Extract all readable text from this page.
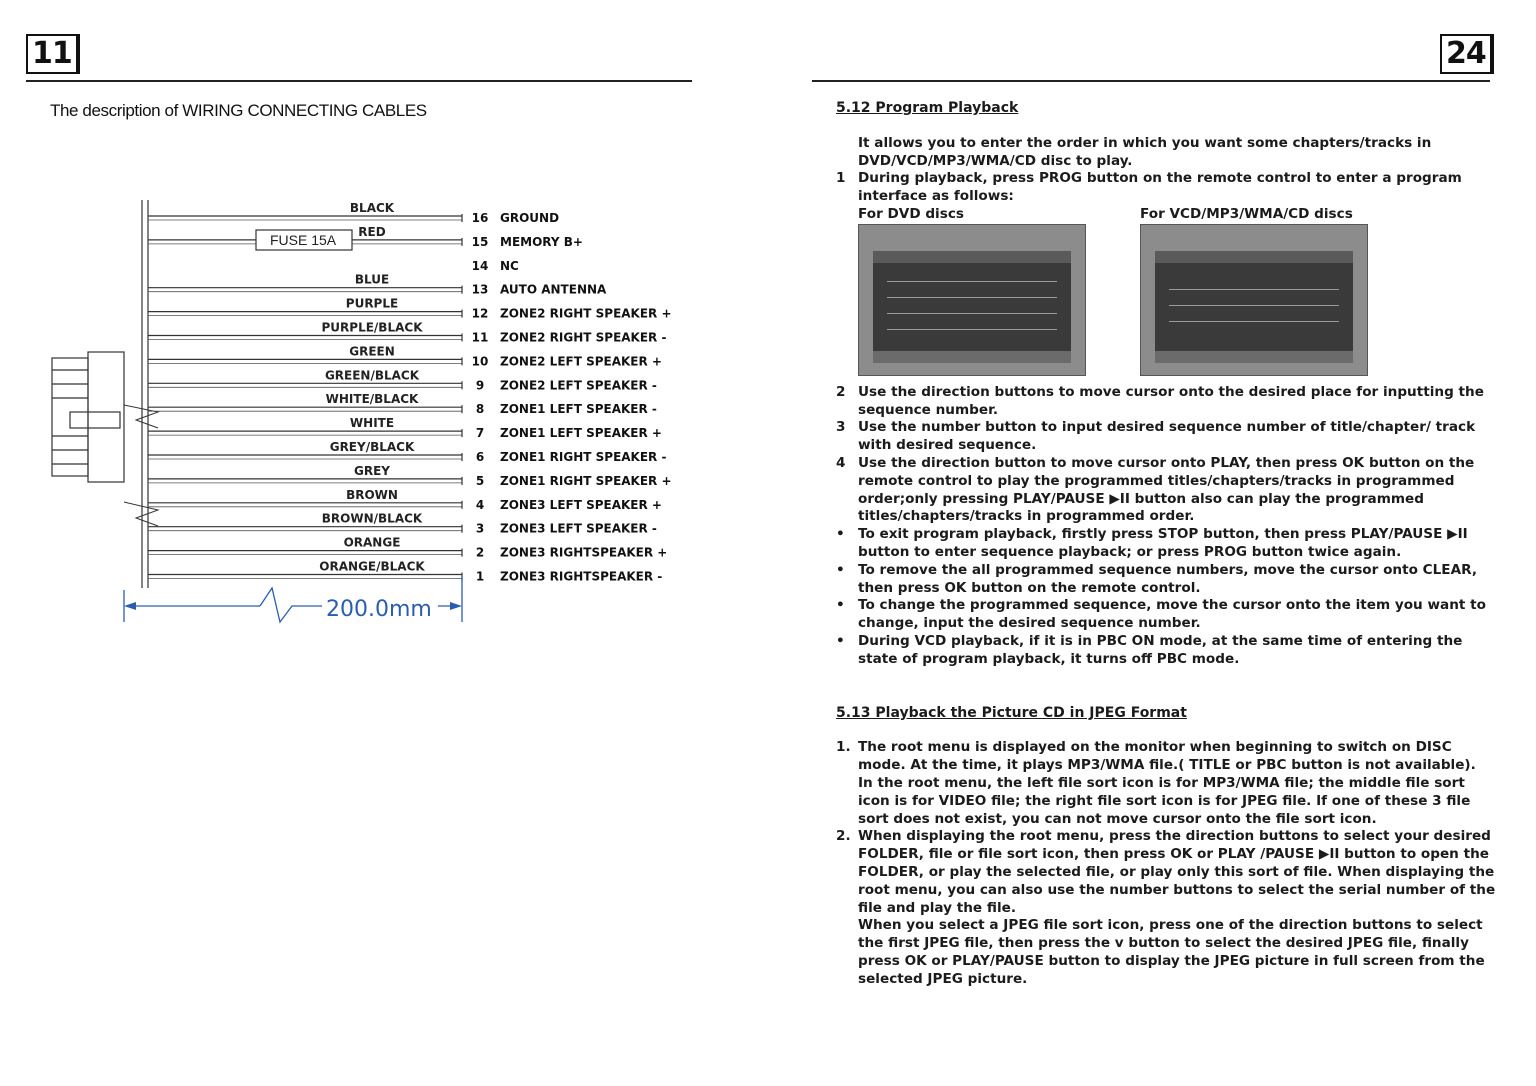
11
The description of WIRING CONNECTING CABLES
BLACK
16 GROUND
RED
15 MEMORY B+
14 NC
BLUE
13 AUTO ANTENNA
PURPLE
12 ZONE2 RIGHT SPEAKER +
PURPLE/BLACK
11 ZONE2 RIGHT SPEAKER -
GREEN
10 ZONE2 LEFT SPEAKER +
GREEN/BLACK
9 ZONE2 LEFT SPEAKER -
WHITE/BLACK
8 ZONE1 LEFT SPEAKER -
WHITE
7 ZONE1 LEFT SPEAKER +
GREY/BLACK
6 ZONE1 RIGHT SPEAKER -
GREY
5 ZONE1 RIGHT SPEAKER +
BROWN
4 ZONE3 LEFT SPEAKER +
BROWN/BLACK
3 ZONE3 LEFT SPEAKER -
ORANGE
2 ZONE3 RIGHTSPEAKER +
ORANGE/BLACK
1 ZONE3 RIGHTSPEAKER -
FUSE 15A
200.0mm
24

5.12 Program Playback

It allows you to enter the order in which you want some chapters/tracks in DVD/VCD/MP3/WMA/CD disc to play.

1 During playback, press PROG button on the remote control to enter a program interface as follows:
For DVD discs	For VCD/MP3/WMA/CD discs
2 Use the direction buttons to move cursor onto the desired place for inputting the sequence number.
3 Use the number button to input desired sequence number of title/chapter/ track with desired sequence.
4 Use the direction button to move cursor onto PLAY, then press OK button on the remote control to play the programmed titles/chapters/tracks in programmed order;only pressing PLAY/PAUSE ▶II button also can play the programmed titles/chapters/tracks in programmed order.
• To exit program playback, firstly press STOP button, then press PLAY/PAUSE ▶II button to enter sequence playback; or press PROG button twice again.
• To remove the all programmed sequence numbers, move the cursor onto CLEAR, then press OK button on the remote control.
• To change the programmed sequence, move the cursor onto the item you want to change, input the desired sequence number.
• During VCD playback, if it is in PBC ON mode, at the same time of entering the state of program playback, it turns off PBC mode.

5.13 Playback the Picture CD in JPEG Format

1. The root menu is displayed on the monitor when beginning to switch on DISC mode. At the time, it plays MP3/WMA file.( TITLE or PBC button is not available).
In the root menu, the left file sort icon is for MP3/WMA file; the middle file sort icon is for VIDEO file; the right file sort icon is for JPEG file. If one of these 3 file sort does not exist, you can not move cursor onto the file sort icon.
2. When displaying the root menu, press the direction buttons to select your desired FOLDER, file or file sort icon, then press OK or PLAY /PAUSE ▶II button to open the FOLDER, or play the selected file, or play only this sort of file. When displaying the root menu, you can also use the number buttons to select the serial number of the file and play the file.
When you select a JPEG file sort icon, press one of the direction buttons to select the first JPEG file, then press the v button to select the desired JPEG file, finally press OK or PLAY/PAUSE button to display the JPEG picture in full screen from the selected JPEG picture.
